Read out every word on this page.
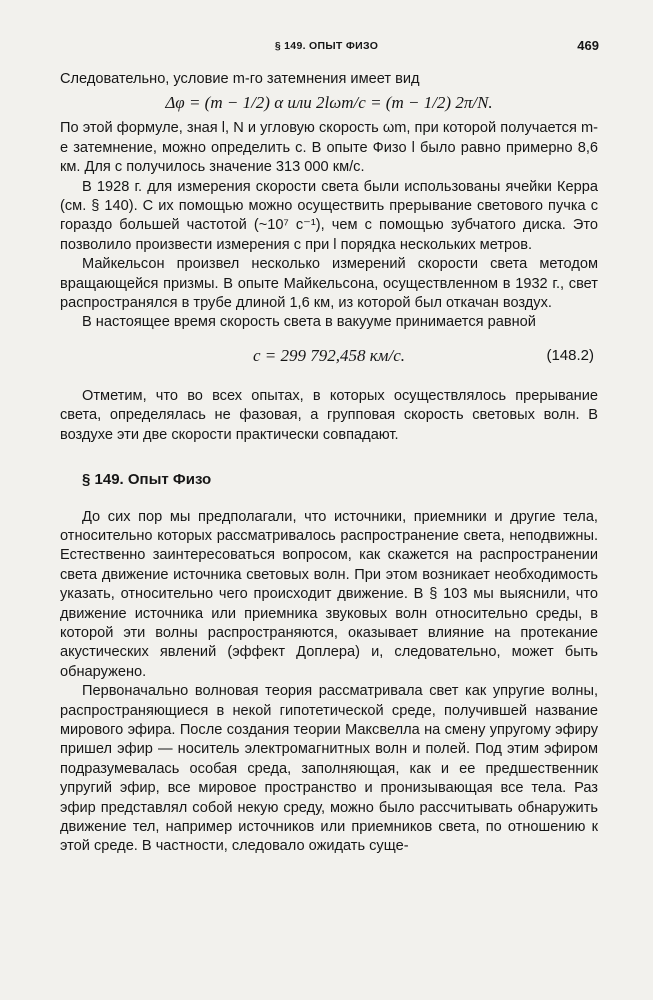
§ 149. ОПЫТ ФИЗО	469

Следовательно, условие m-го затемнения имеет вид

Δφ = (m − 1/2) α или 2lωm/c = (m − 1/2) 2π/N.

По этой формуле, зная l, N и угловую скорость ωm, при которой получается m-е затемнение, можно определить c. В опыте Физо l было равно примерно 8,6 км. Для c получилось значение 313 000 км/с.

В 1928 г. для измерения скорости света были использованы ячейки Керра (см. § 140). С их помощью можно осуществить прерывание светового пучка с гораздо большей частотой (~10⁷ с⁻¹), чем с помощью зубчатого диска. Это позволило произвести измерения c при l порядка нескольких метров.

Майкельсон произвел несколько измерений скорости света методом вращающейся призмы. В опыте Майкельсона, осуществленном в 1932 г., свет распространялся в трубе длиной 1,6 км, из которой был откачан воздух.

В настоящее время скорость света в вакууме принимается равной

c = 299 792,458 км/с.	(148.2)

Отметим, что во всех опытах, в которых осуществлялось прерывание света, определялась не фазовая, а групповая скорость световых волн. В воздухе эти две скорости практически совпадают.

§ 149. Опыт Физо

До сих пор мы предполагали, что источники, приемники и другие тела, относительно которых рассматривалось распространение света, неподвижны. Естественно заинтересоваться вопросом, как скажется на распространении света движение источника световых волн. При этом возникает необходимость указать, относительно чего происходит движение. В § 103 мы выяснили, что движение источника или приемника звуковых волн относительно среды, в которой эти волны распространяются, оказывает влияние на протекание акустических явлений (эффект Доплера) и, следовательно, может быть обнаружено.

Первоначально волновая теория рассматривала свет как упругие волны, распространяющиеся в некой гипотетической среде, получившей название мирового эфира. После создания теории Максвелла на смену упругому эфиру пришел эфир — носитель электромагнитных волн и полей. Под этим эфиром подразумевалась особая среда, заполняющая, как и ее предшественник упругий эфир, все мировое пространство и пронизывающая все тела. Раз эфир представлял собой некую среду, можно было рассчитывать обнаружить движение тел, например источников или приемников света, по отношению к этой среде. В частности, следовало ожидать суще-
